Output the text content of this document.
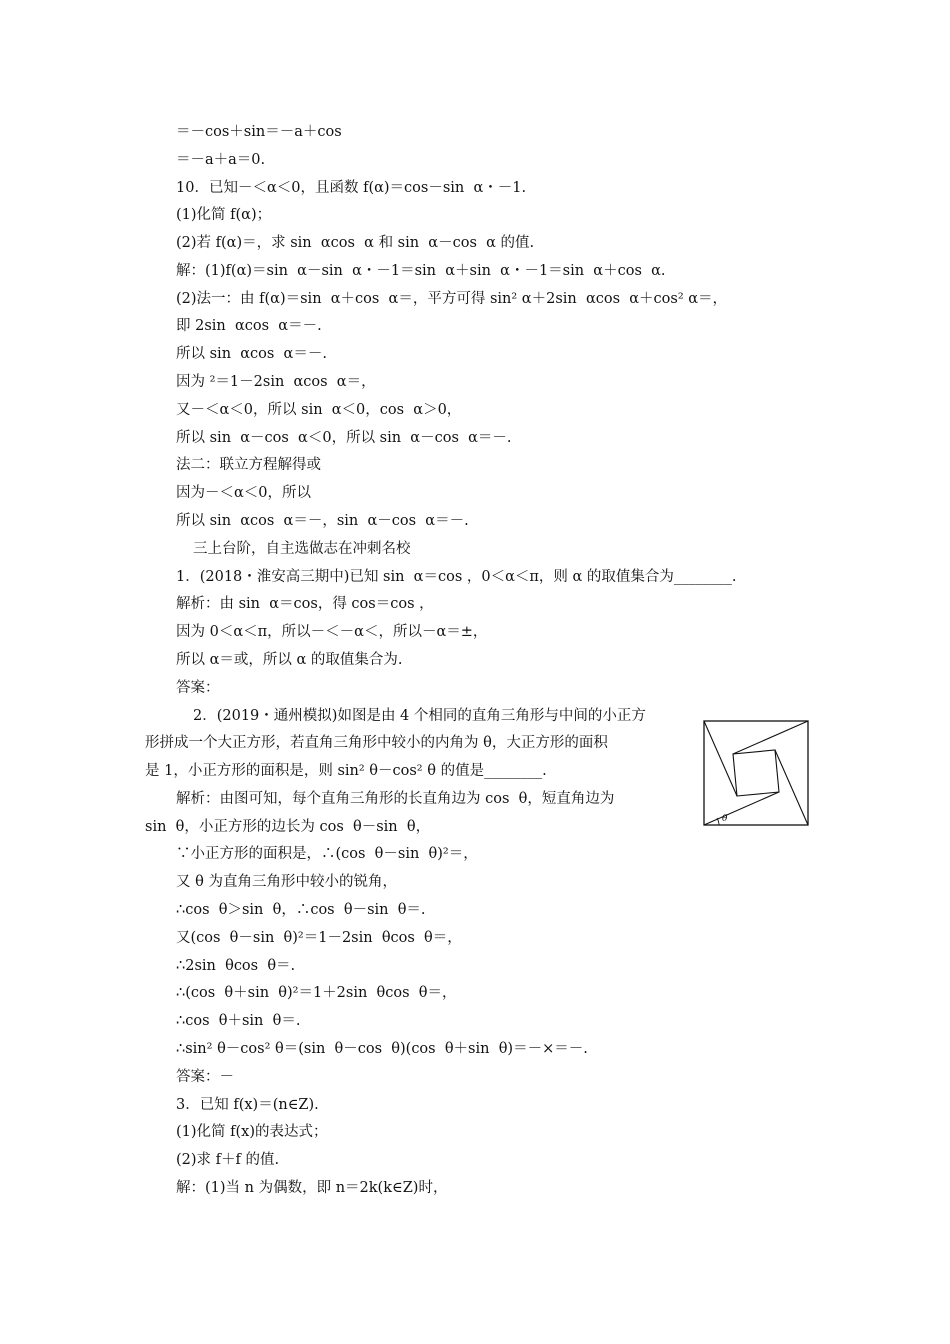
＝－cos＋sin＝－a＋cos
＝－a＋a＝0.
10．已知－＜α＜0，且函数 f(α)＝cos－sin  α・－1.
(1)化简 f(α)；
(2)若 f(α)＝，求 sin  αcos  α 和 sin  α－cos  α 的值.
解：(1)f(α)＝sin  α－sin  α・－1＝sin  α＋sin  α・－1＝sin  α＋cos  α.
(2)法一：由 f(α)＝sin  α＋cos  α＝，平方可得 sin² α＋2sin  αcos  α＋cos² α＝，
即 2sin  αcos  α＝－.
所以 sin  αcos  α＝－.
因为 ²＝1－2sin  αcos  α＝，
又－＜α＜0，所以 sin  α＜0，cos  α＞0，
所以 sin  α－cos  α＜0，所以 sin  α－cos  α＝－.
法二：联立方程解得或
因为－＜α＜0，所以
所以 sin  αcos  α＝－，sin  α－cos  α＝－.
三上台阶，自主选做志在冲刺名校
1．(2018・淮安高三期中)已知 sin  α＝cos ，0＜α＜π，则 α 的取值集合为________.
解析：由 sin  α＝cos，得 cos＝cos ，
因为 0＜α＜π，所以－＜－α＜，所以－α＝±，
所以 α＝或，所以 α 的取值集合为.
答案：
2．(2019・通州模拟)如图是由 4 个相同的直角三角形与中间的小正方
形拼成一个大正方形，若直角三角形中较小的内角为 θ，大正方形的面积
是 1，小正方形的面积是，则 sin² θ－cos² θ 的值是________.
解析：由图可知，每个直角三角形的长直角边为 cos  θ，短直角边为
sin  θ，小正方形的边长为 cos  θ－sin  θ，
∵小正方形的面积是，∴(cos  θ－sin  θ)²＝，
又 θ 为直角三角形中较小的锐角，
∴cos  θ＞sin  θ，∴cos  θ－sin  θ＝.
又(cos  θ－sin  θ)²＝1－2sin  θcos  θ＝，
∴2sin  θcos  θ＝.
∴(cos  θ＋sin  θ)²＝1＋2sin  θcos  θ＝，
∴cos  θ＋sin  θ＝.
∴sin² θ－cos² θ＝(sin  θ－cos  θ)(cos  θ＋sin  θ)＝－×＝－.
答案：－
3．已知 f(x)＝(n∈Z).
(1)化简 f(x)的表达式；
(2)求 f＋f 的值.
解：(1)当 n 为偶数，即 n＝2k(k∈Z)时，
θ
